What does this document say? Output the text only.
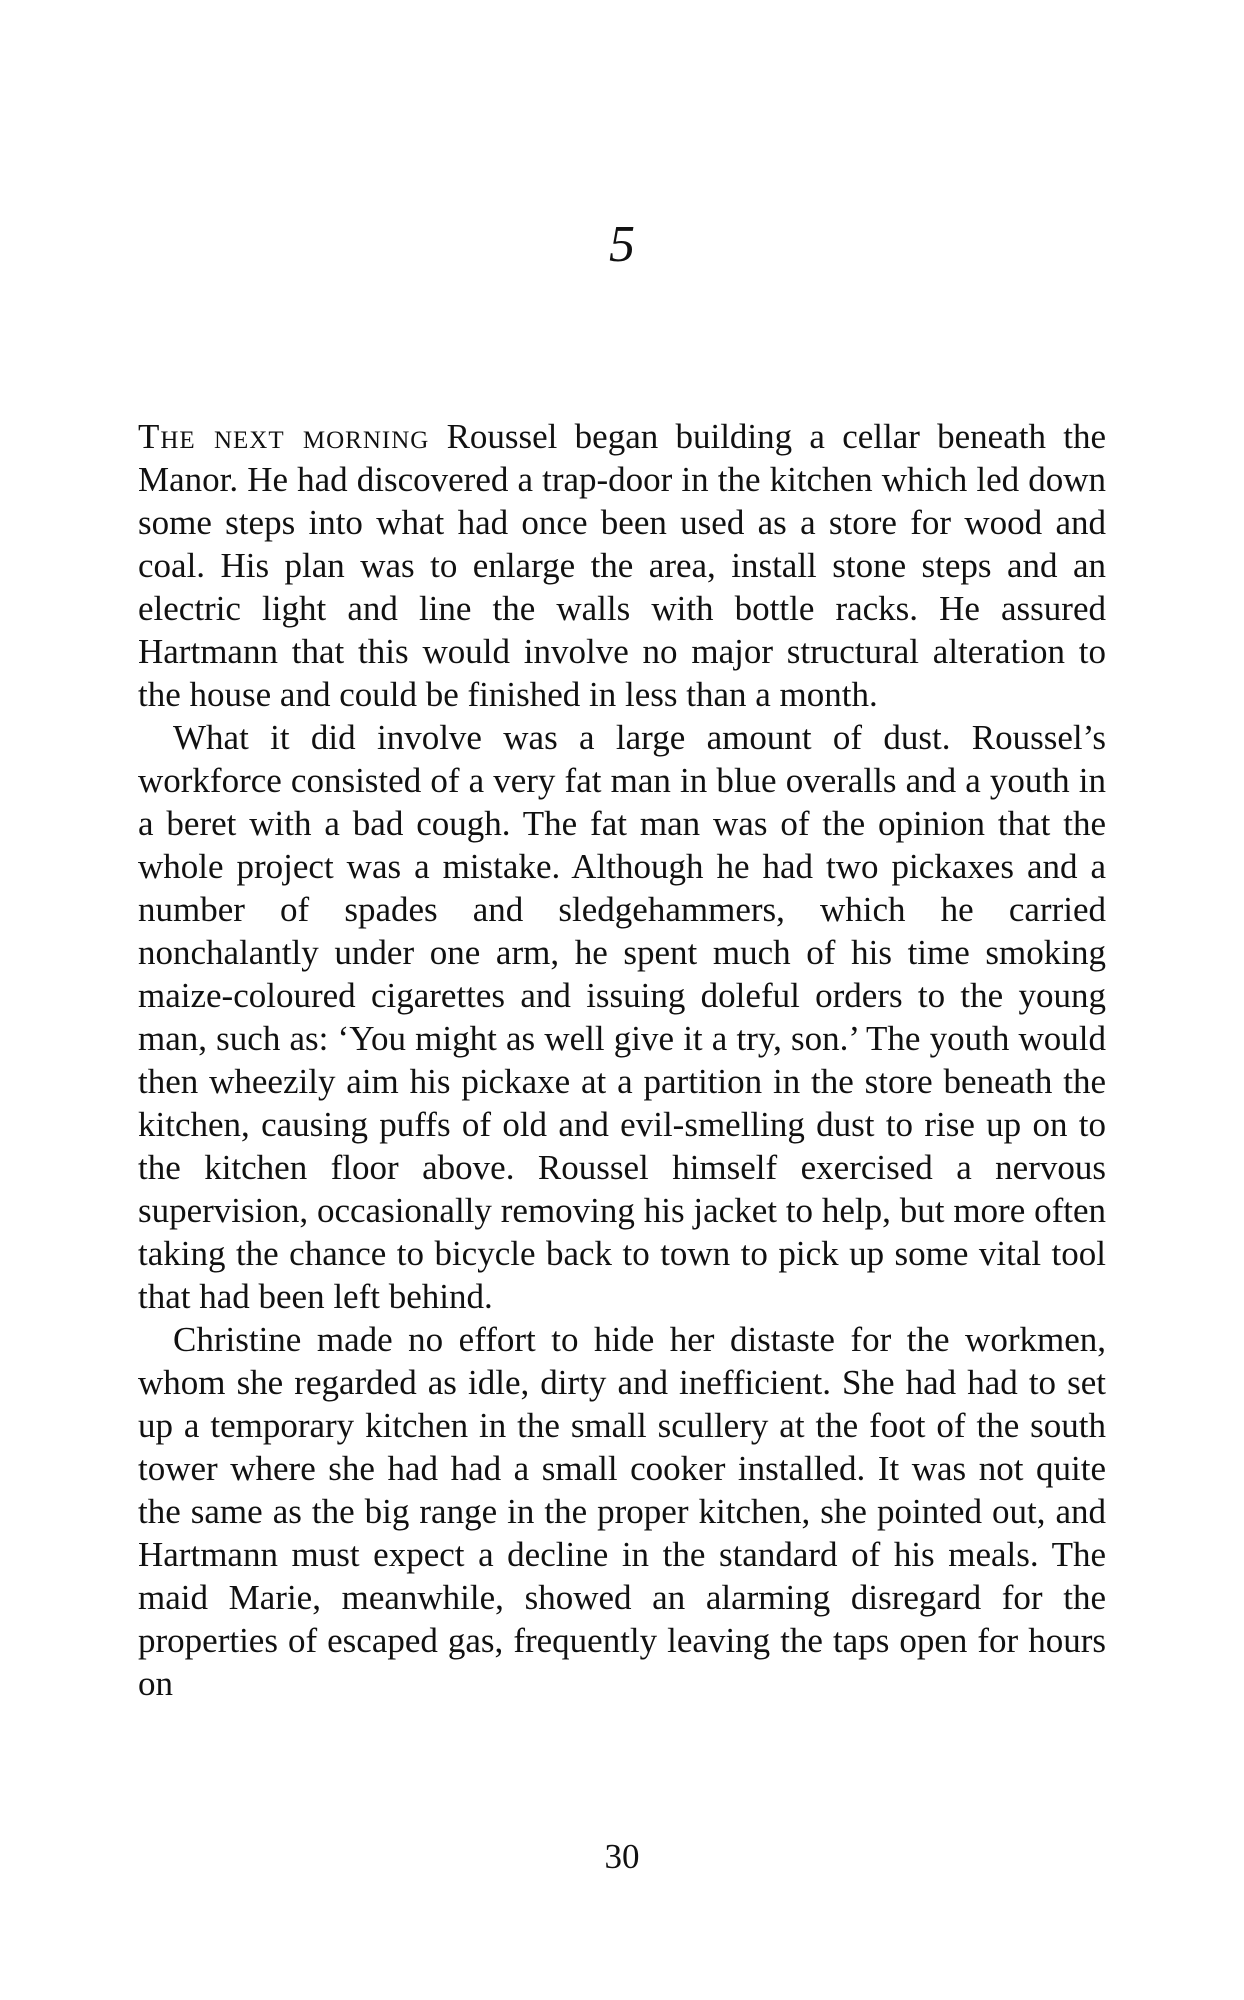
5

The next morning Roussel began building a cellar beneath the Manor. He had discovered a trap-door in the kitchen which led down some steps into what had once been used as a store for wood and coal. His plan was to enlarge the area, install stone steps and an electric light and line the walls with bottle racks. He assured Hartmann that this would involve no major structural alteration to the house and could be finished in less than a month.

What it did involve was a large amount of dust. Roussel’s workforce consisted of a very fat man in blue overalls and a youth in a beret with a bad cough. The fat man was of the opinion that the whole project was a mistake. Although he had two pickaxes and a number of spades and sledgehammers, which he carried nonchalantly under one arm, he spent much of his time smoking maize-coloured cigarettes and issuing doleful orders to the young man, such as: ‘You might as well give it a try, son.’ The youth would then wheezily aim his pickaxe at a partition in the store beneath the kitchen, causing puffs of old and evil-smelling dust to rise up on to the kitchen floor above. Roussel himself exercised a nervous supervision, occasionally removing his jacket to help, but more often taking the chance to bicycle back to town to pick up some vital tool that had been left behind.

Christine made no effort to hide her distaste for the workmen, whom she regarded as idle, dirty and inefficient. She had had to set up a temporary kitchen in the small scullery at the foot of the south tower where she had had a small cooker installed. It was not quite the same as the big range in the proper kitchen, she pointed out, and Hartmann must expect a decline in the standard of his meals. The maid Marie, meanwhile, showed an alarming disregard for the properties of escaped gas, frequently leaving the taps open for hours on

30
